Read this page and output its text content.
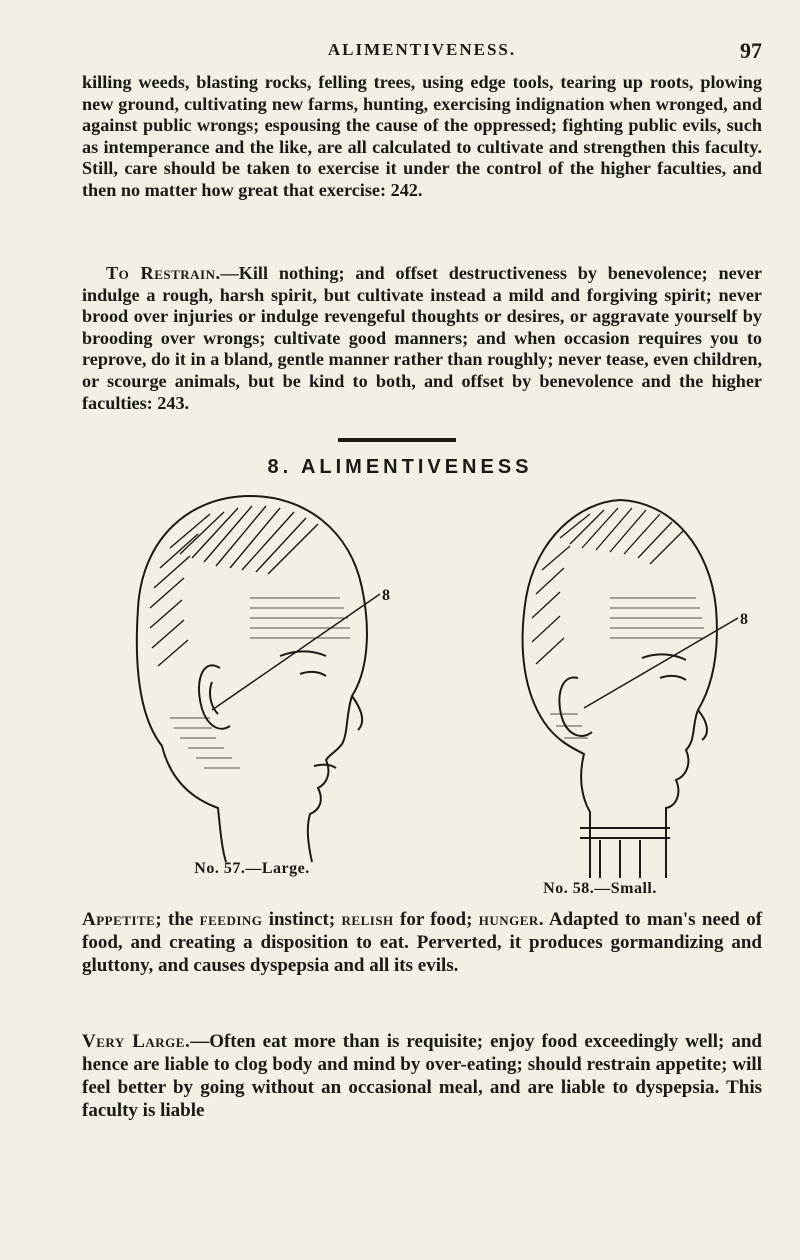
ALIMENTIVENESS.	97
killing weeds, blasting rocks, felling trees, using edge tools, tearing up roots, plowing new ground, cultivating new farms, hunting, exercising indignation when wronged, and against public wrongs; espousing the cause of the oppressed; fighting public evils, such as intemperance and the like, are all calculated to cultivate and strengthen this faculty. Still, care should be taken to exercise it under the control of the higher faculties, and then no matter how great that exercise: 242.
To Restrain.—Kill nothing; and offset destructiveness by benevolence; never indulge a rough, harsh spirit, but cultivate instead a mild and forgiving spirit; never brood over injuries or indulge revengeful thoughts or desires, or aggravate yourself by brooding over wrongs; cultivate good manners; and when occasion requires you to reprove, do it in a bland, gentle manner rather than roughly; never tease, even children, or scourge animals, but be kind to both, and offset by benevolence and the higher faculties: 243.
8. ALIMENTIVENESS
8
No. 57.—Large.
8
No. 58.—Small.
Appetite; the feeding instinct; relish for food; hunger. Adapted to man's need of food, and creating a disposition to eat. Perverted, it produces gormandizing and gluttony, and causes dyspepsia and all its evils.
Very Large.—Often eat more than is requisite; enjoy food exceedingly well; and hence are liable to clog body and mind by over-eating; should restrain appetite; will feel better by going without an occasional meal, and are liable to dyspepsia. This faculty is liable
